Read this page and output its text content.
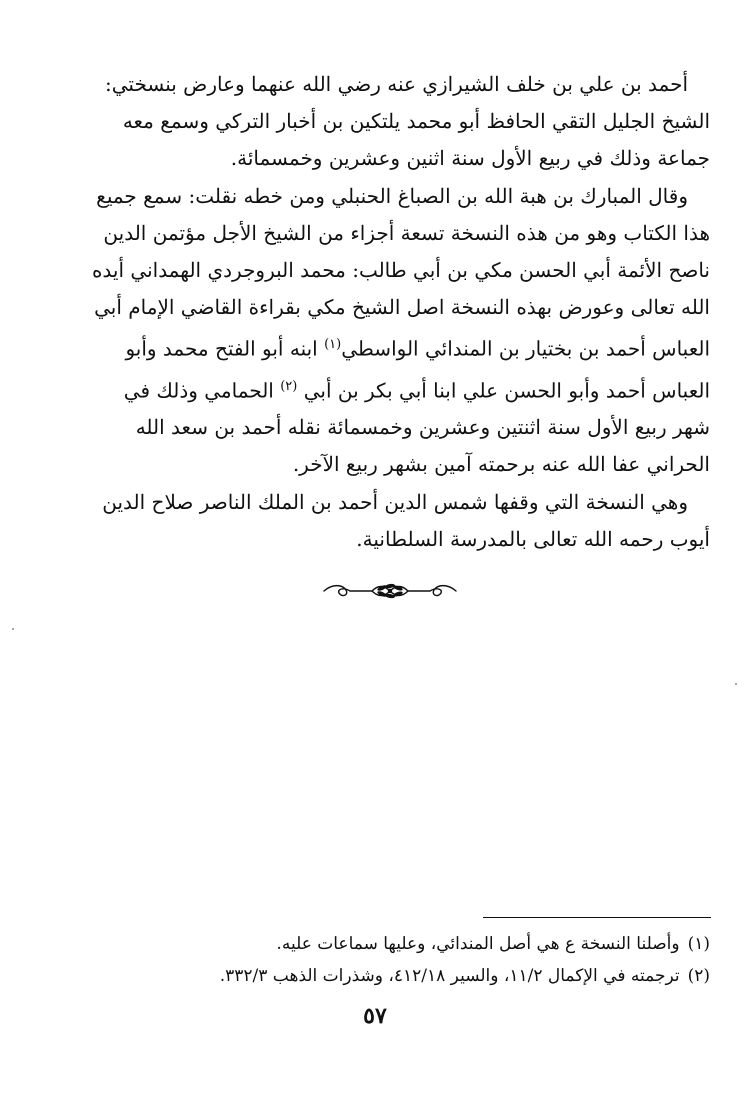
أحمد بن علي بن خلف الشيرازي عنه رضي الله عنهما وعارض بنسختي: الشيخ الجليل التقي الحافظ أبو محمد يلتكين بن أخبار التركي وسمع معه جماعة وذلك في ربيع الأول سنة اثنين وعشرين وخمسمائة.

وقال المبارك بن هبة الله بن الصباغ الحنبلي ومن خطه نقلت: سمع جميع هذا الكتاب وهو من هذه النسخة تسعة أجزاء من الشيخ الأجل مؤتمن الدين ناصح الأئمة أبي الحسن مكي بن أبي طالب: محمد البروجردي الهمداني أيده الله تعالى وعورض بهذه النسخة اصل الشيخ مكي بقراءة القاضي الإمام أبي العباس أحمد بن بختيار بن المندائي الواسطي$^{(١)}$ ابنه أبو الفتح محمد وأبو العباس أحمد وأبو الحسن علي ابنا أبي بكر بن أبي $^{(٢)}$ الحمامي وذلك في شهر ربيع الأول سنة اثنتين وعشرين وخمسمائة نقله أحمد بن سعد الله الحراني عفا الله عنه برحمته آمين بشهر ربيع الآخر.

وهي النسخة التي وقفها شمس الدين أحمد بن الملك الناصر صلاح الدين أيوب رحمه الله تعالى بالمدرسة السلطانية.

(١)وأصلنا النسخة ع هي أصل المندائي، وعليها سماعات عليه.

(٢)ترجمته في الإكمال ١١/٢، والسير ٤١٢/١٨، وشذرات الذهب ٣٣٢/٣.

٥٧
